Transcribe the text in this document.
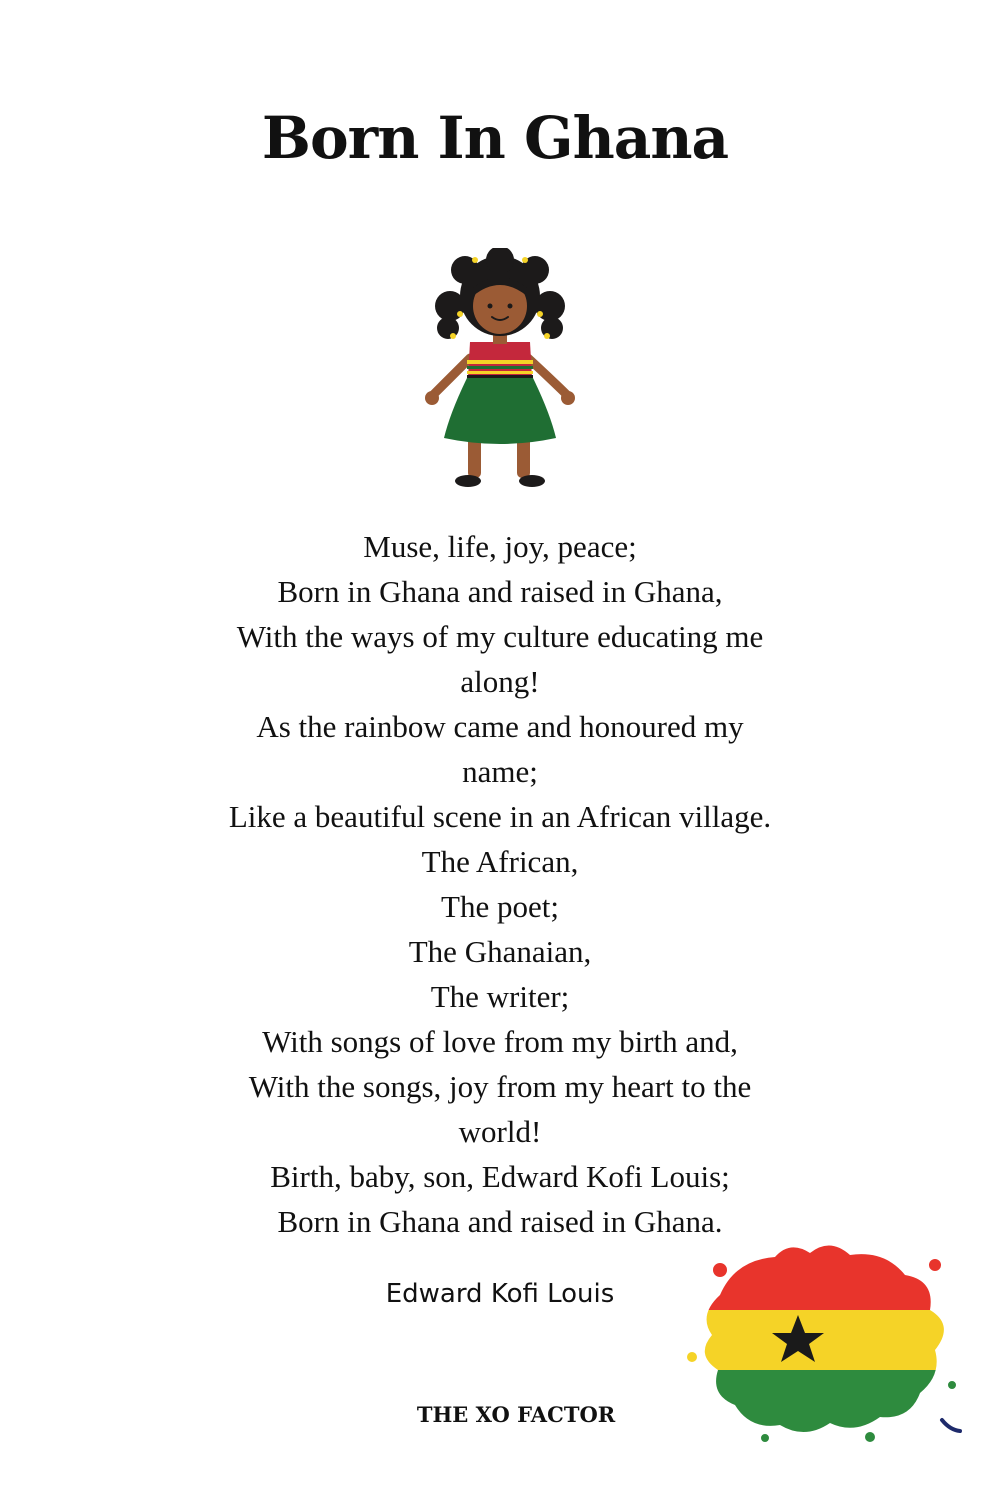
Born In Ghana
Muse, life, joy, peace;
Born in Ghana and raised in Ghana,
With the ways of my culture educating me
along!
As the rainbow came and honoured my
name;
Like a beautiful scene in an African village.
The African,
The poet;
The Ghanaian,
The writer;
With songs of love from my birth and,
With the songs, joy from my heart to the
world!
Birth, baby, son, Edward Kofi Louis;
Born in Ghana and raised in Ghana.
Edward Kofi Louis
THE XO FACTOR
